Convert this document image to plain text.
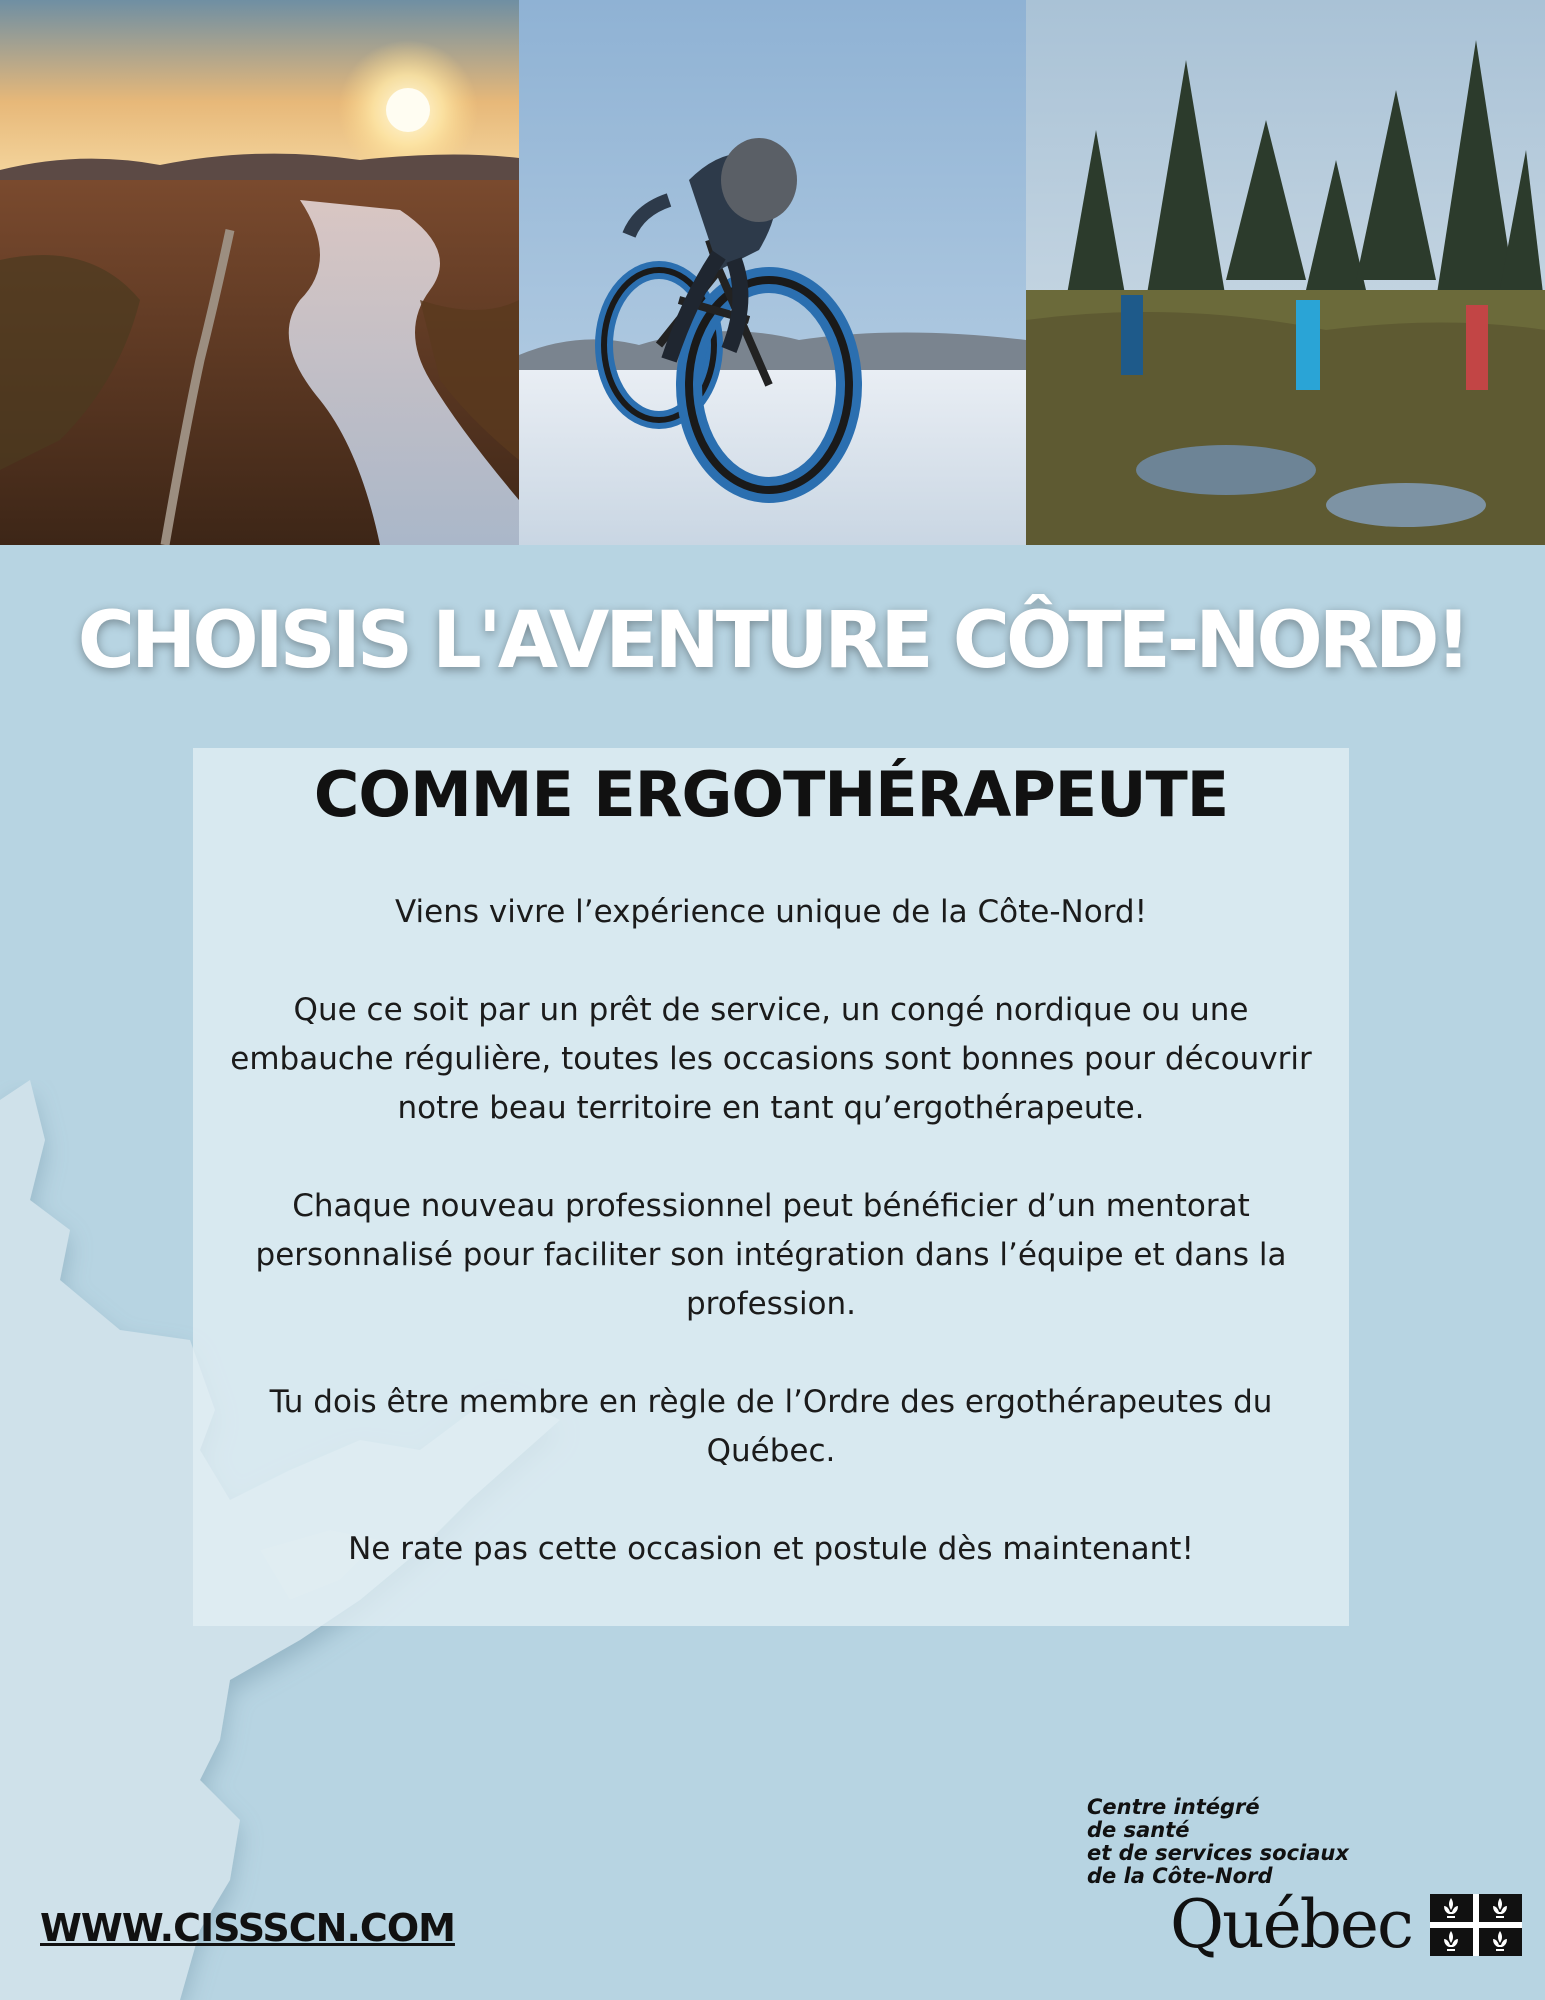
CHOISIS L'AVENTURE CÔTE-NORD!
COMME ERGOTHÉRAPEUTE

Viens vivre l’expérience unique de la Côte-Nord!

Que ce soit par un prêt de service, un congé nordique ou une embauche régulière, toutes les occasions sont bonnes pour découvrir notre beau territoire en tant qu’ergothérapeute.

Chaque nouveau professionnel peut bénéficier d’un mentorat personnalisé pour faciliter son intégration dans l’équipe et dans la profession.

Tu dois être membre en règle de l’Ordre des ergothérapeutes du Québec.

Ne rate pas cette occasion et postule dès maintenant!

WWW.CISSSCN.COM
Centre intégré
de santé
et de services sociaux
de la Côte-Nord
Québec
